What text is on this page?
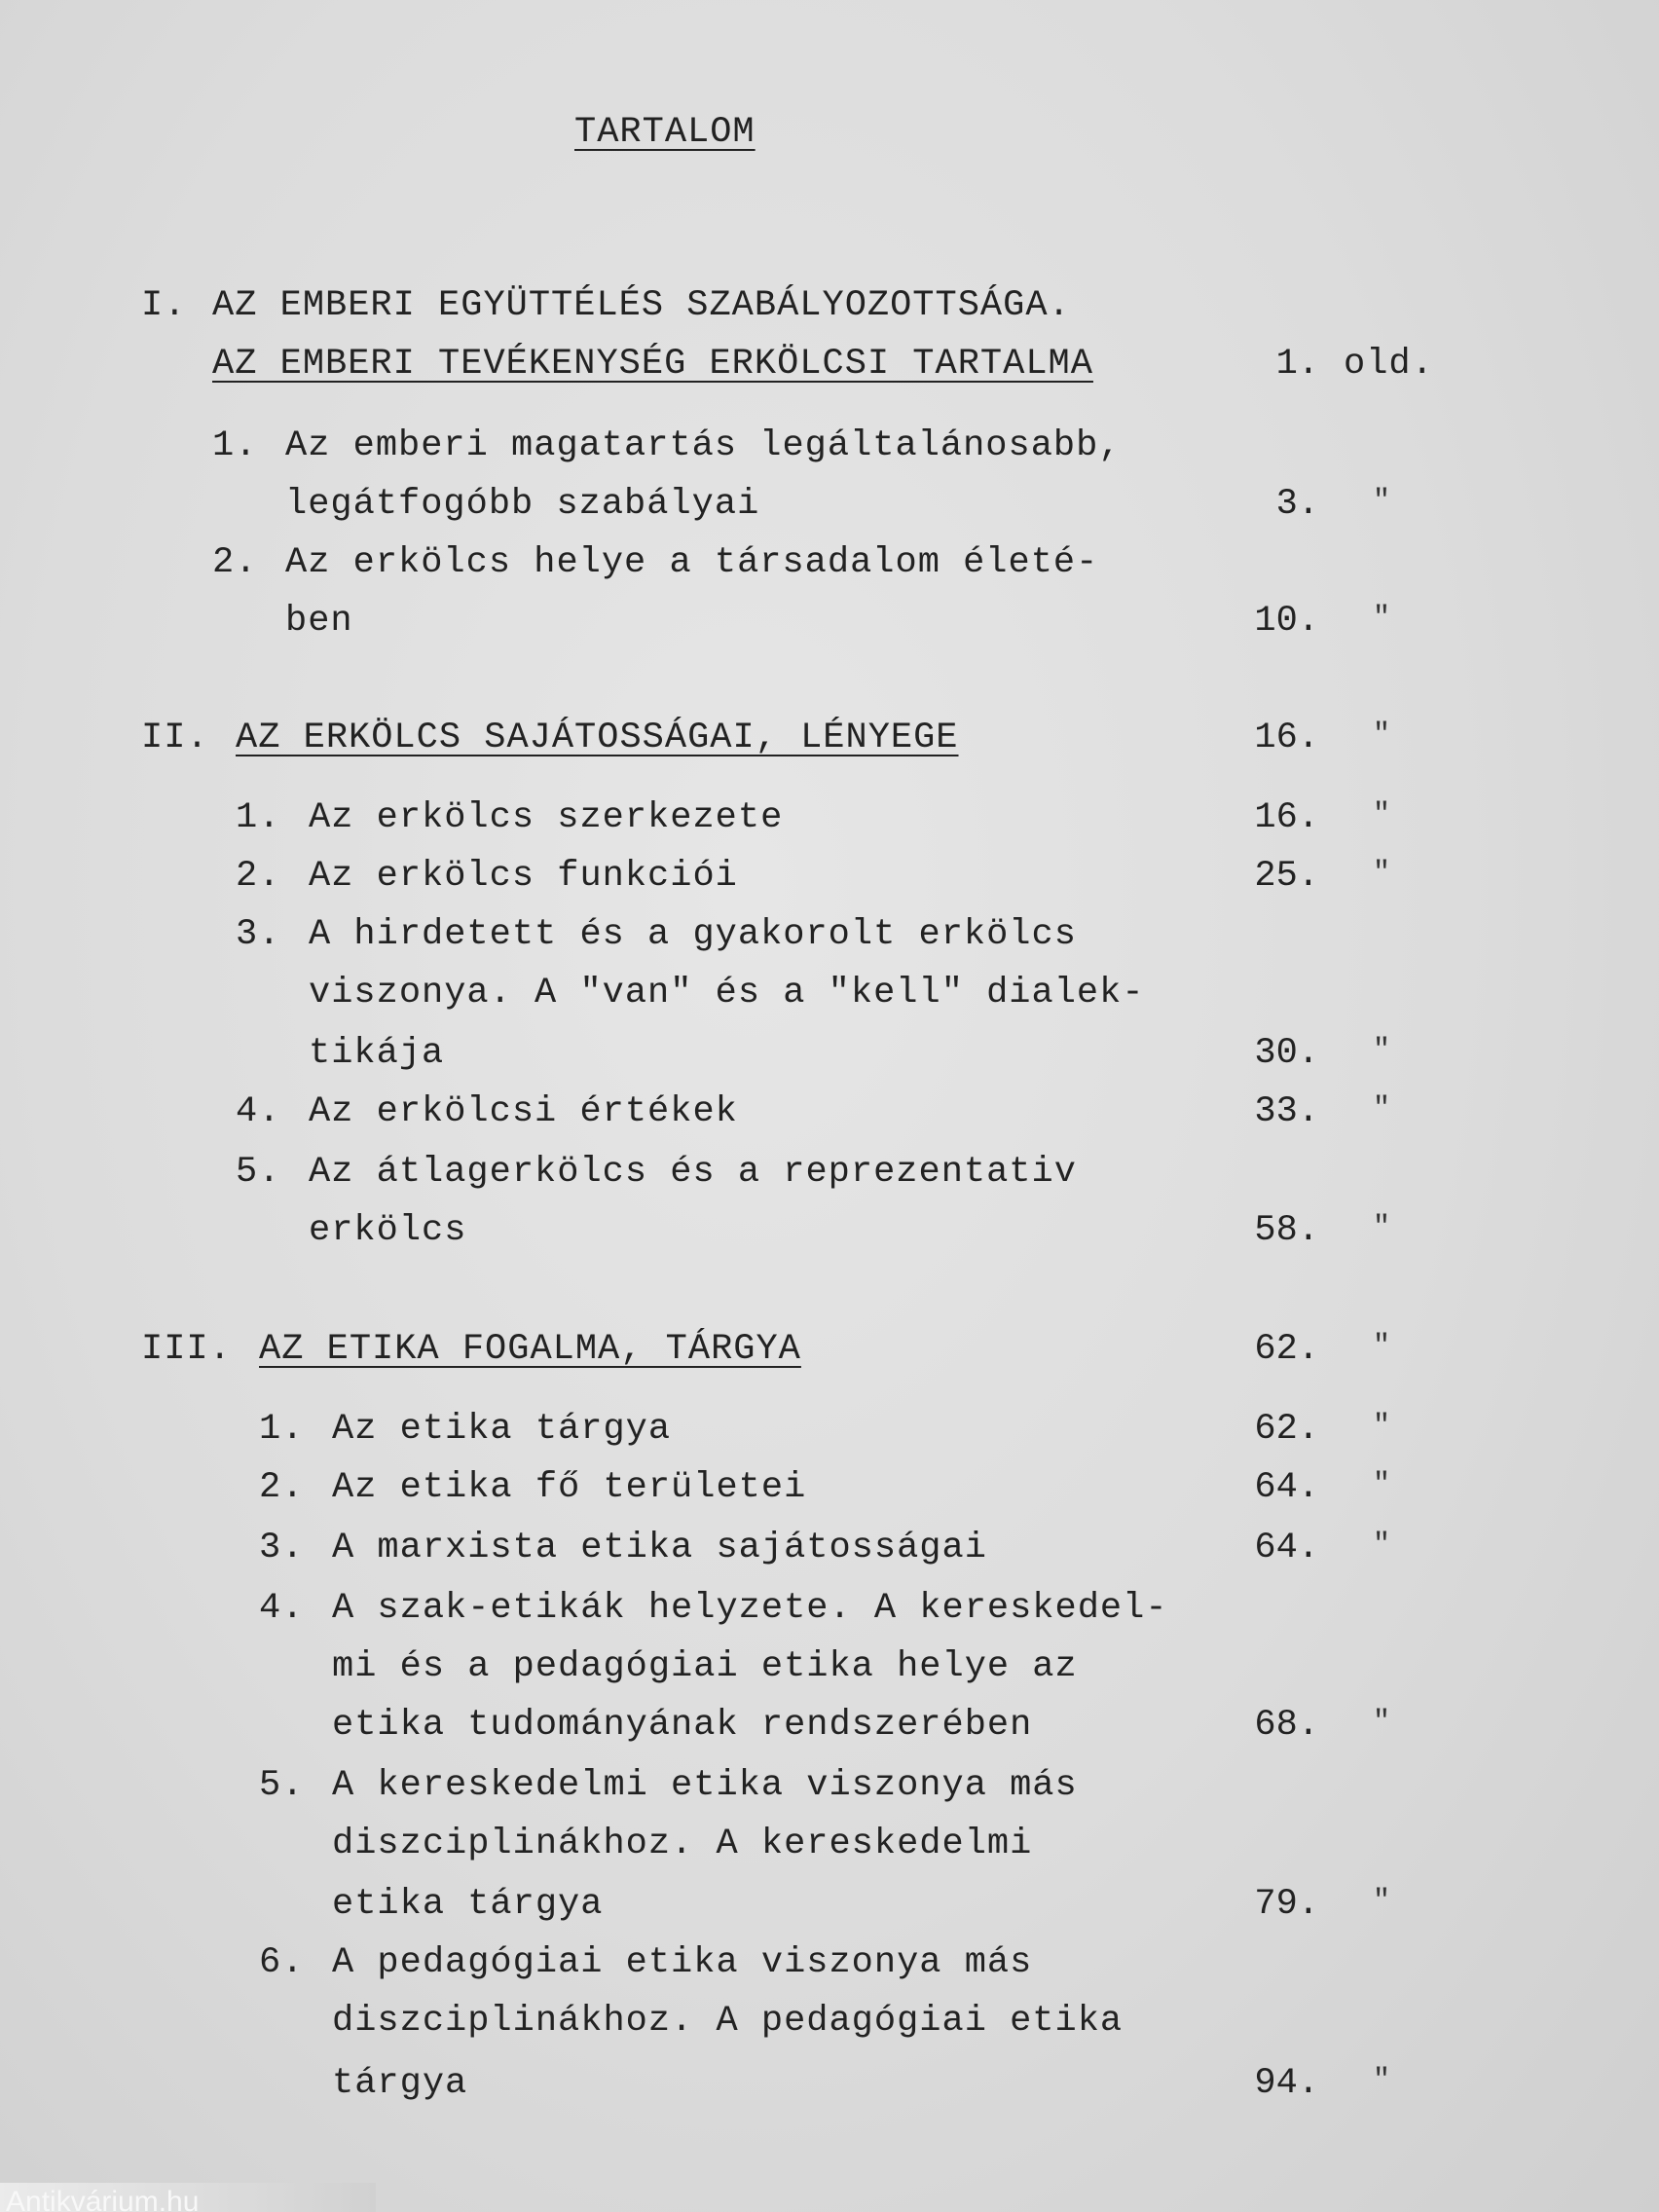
TARTALOM
I. AZ EMBERI EGYÜTTÉLÉS SZABÁLYOZOTTSÁGA.
AZ EMBERI TEVÉKENYSÉG ERKÖLCSI TARTALMA	1. old.
1. Az emberi magatartás legáltalánosabb,
legátfogóbb szabályai	3. "
2. Az erkölcs helye a társadalom életé-
ben	10. "
II. AZ ERKÖLCS SAJÁTOSSÁGAI, LÉNYEGE	16. "
1. Az erkölcs szerkezete	16. "
2. Az erkölcs funkciói	25. "
3. A hirdetett és a gyakorolt erkölcs
viszonya. A "van" és a "kell" dialek-
tikája	30. "
4. Az erkölcsi értékek	33. "
5. Az átlagerkölcs és a reprezentativ
erkölcs	58. "
III. AZ ETIKA FOGALMA, TÁRGYA	62. "
1. Az etika tárgya	62. "
2. Az etika fő területei	64. "
3. A marxista etika sajátosságai	64. "
4. A szak-etikák helyzete. A kereskedel-
mi és a pedagógiai etika helye az
etika tudományának rendszerében	68. "
5. A kereskedelmi etika viszonya más
diszciplinákhoz. A kereskedelmi
etika tárgya	79. "
6. A pedagógiai etika viszonya más
diszciplinákhoz. A pedagógiai etika
tárgya	94. "
Antikvárium.hu
